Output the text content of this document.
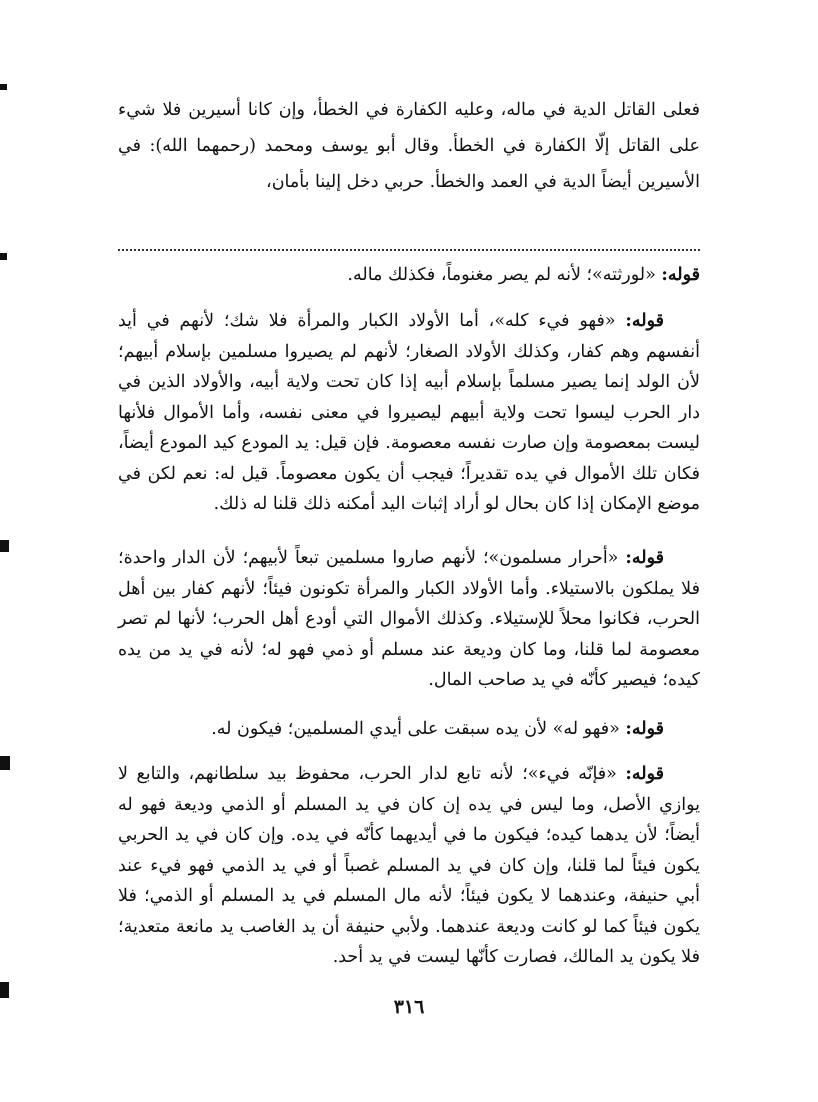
فعلى القاتل الدية في ماله، وعليه الكفارة في الخطأ، وإن كانا أسيرين فلا شيء على القاتل إلّا الكفارة في الخطأ. وقال أبو يوسف ومحمد (رحمهما الله): في الأسيرين أيضاً الدية في العمد والخطأ. حربي دخل إلينا بأمان،

قوله: «لورثته»؛ لأنه لم يصر مغنوماً، فكذلك ماله.

قوله: «فهو فيء كله»، أما الأولاد الكبار والمرأة فلا شك؛ لأنهم في أيد أنفسهم وهم كفار، وكذلك الأولاد الصغار؛ لأنهم لم يصيروا مسلمين بإسلام أبيهم؛ لأن الولد إنما يصير مسلماً بإسلام أبيه إذا كان تحت ولاية أبيه، والأولاد الذين في دار الحرب ليسوا تحت ولاية أبيهم ليصيروا في معنى نفسه، وأما الأموال فلأنها ليست بمعصومة وإن صارت نفسه معصومة. فإن قيل: يد المودع كيد المودع أيضاً، فكان تلك الأموال في يده تقديراً؛ فيجب أن يكون معصوماً. قيل له: نعم لكن في موضع الإمكان إذا كان بحال لو أراد إثبات اليد أمكنه ذلك قلنا له ذلك.

قوله: «أحرار مسلمون»؛ لأنهم صاروا مسلمين تبعاً لأبيهم؛ لأن الدار واحدة؛ فلا يملكون بالاستيلاء. وأما الأولاد الكبار والمرأة تكونون فيئاً؛ لأنهم كفار بين أهل الحرب، فكانوا محلاً للإستيلاء. وكذلك الأموال التي أودع أهل الحرب؛ لأنها لم تصر معصومة لما قلنا، وما كان وديعة عند مسلم أو ذمي فهو له؛ لأنه في يد من يده كيده؛ فيصير كأنّه في يد صاحب المال.

قوله: «فهو له» لأن يده سبقت على أيدي المسلمين؛ فيكون له.

قوله: «فإنّه فيء»؛ لأنه تابع لدار الحرب، محفوظ بيد سلطانهم، والتابع لا يوازي الأصل، وما ليس في يده إن كان في يد المسلم أو الذمي وديعة فهو له أيضاً؛ لأن يدهما كيده؛ فيكون ما في أيديهما كأنّه في يده. وإن كان في يد الحربي يكون فيئاً لما قلنا، وإن كان في يد المسلم غصباً أو في يد الذمي فهو فيء عند أبي حنيفة، وعندهما لا يكون فيئاً؛ لأنه مال المسلم في يد المسلم أو الذمي؛ فلا يكون فيئاً كما لو كانت وديعة عندهما. ولأبي حنيفة أن يد الغاصب يد مانعة متعدية؛ فلا يكون يد المالك، فصارت كأنّها ليست في يد أحد.

٣١٦
